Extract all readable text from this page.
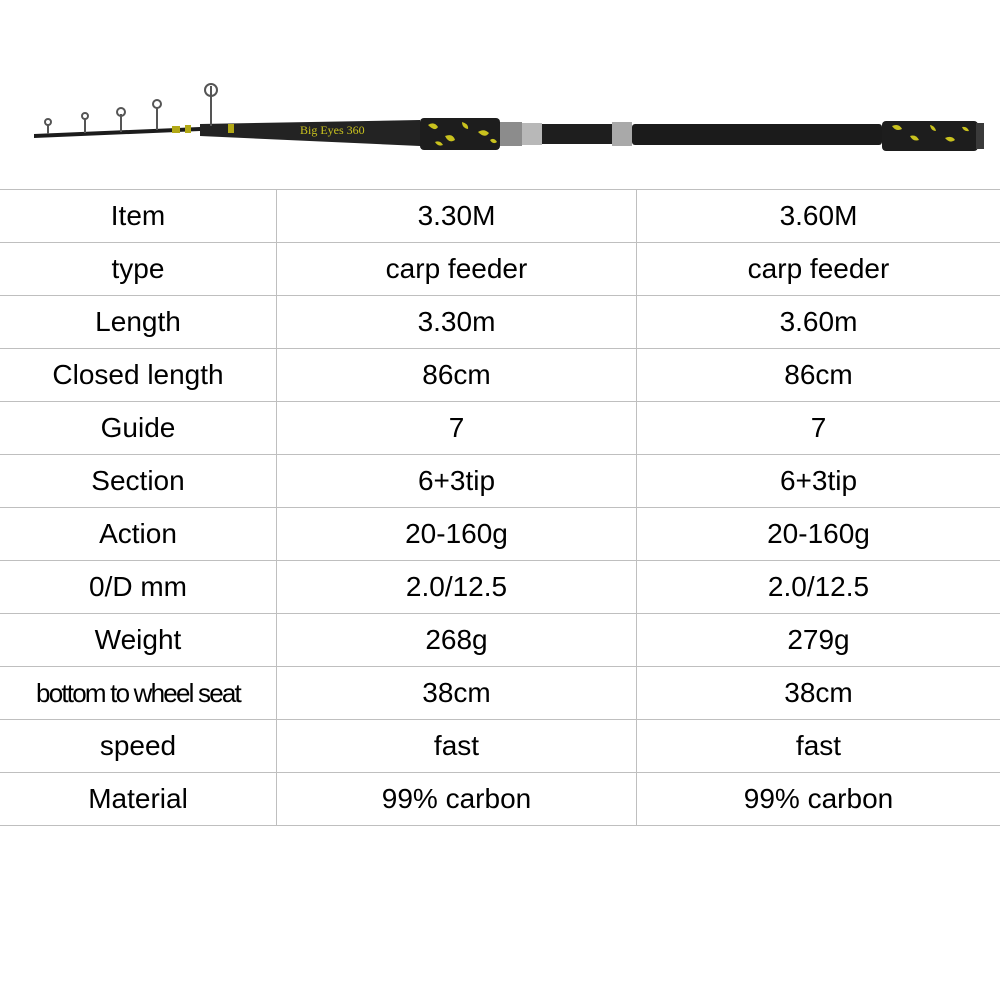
Big Eyes 360
Item	3.30M	3.60M
type	carp feeder	carp feeder
Length	3.30m	3.60m
Closed length	86cm	86cm
Guide	7	7
Section	6+3tip	6+3tip
Action	20-160g	20-160g
0/D mm	2.0/12.5	2.0/12.5
Weight	268g	279g
bottom to wheel seat	38cm	38cm
speed	fast	fast
Material	99% carbon	99% carbon
